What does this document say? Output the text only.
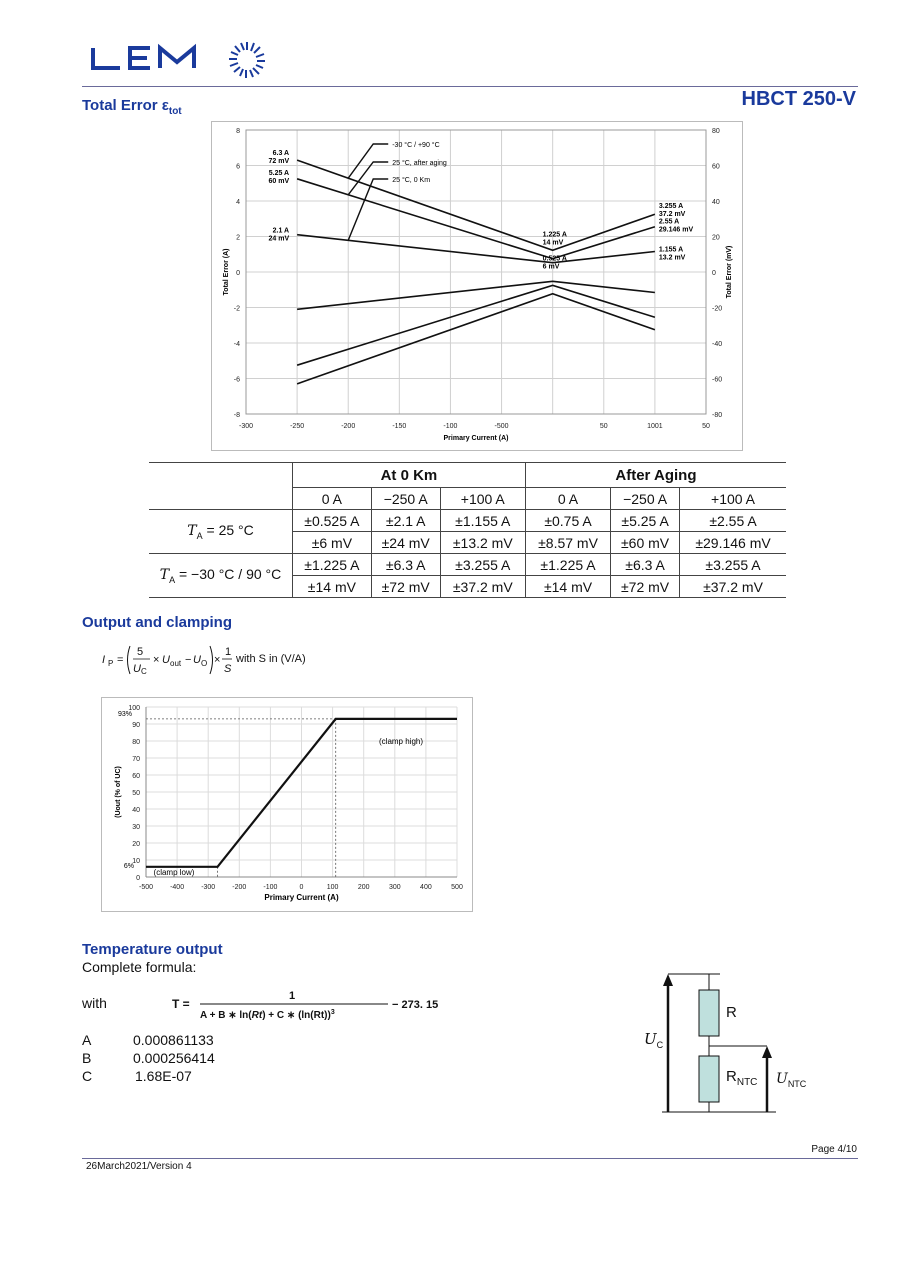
HBCT 250-V
Total Error $\varepsilon_{tot}$
-300	-250	-200	-150	-100	-500	50	1001	50
8	80
6	60
4	40
2	20
0	0
-2	-20
-4	-40
-6	-60
-8	-80
Primary Current (A)
Total Error (A)	Total Error (mV)
-30 °C / +90 °C
25 °C, after aging
25 °C, 0 Km
6.3 A
72 mV
5.25 A
60 mV
2.1 A
24 mV
1.225 A
14 mV
0.525 A
6 mV
3.255 A
37.2 mV
2.55 A
29.146 mV
1.155 A
13.2 mV
	At 0 Km			After Aging		
	0 A	−250 A	+100 A	0 A	−250 A	+100 A
$T_A = 25$ °C	±0.525 A	±2.1 A	±1.155 A	±0.75 A	±5.25 A	±2.55 A
	±6 mV	±24 mV	±13.2 mV	±8.57 mV	±60 mV	±29.146 mV
$T_A = -30$ °C / 90 °C	±1.225 A	±6.3 A	±3.255 A	±1.225 A	±6.3 A	±3.255 A
	±14 mV	±72 mV	±37.2 mV	±14 mV	±72 mV	±37.2 mV
Output and clamping
I P =
5
U C
× U out − U O ×
1
S
with S in (V/A)
-500 -400 -300 -200 -100	0	100	200	300	400	500
0
10
20
30
40
50
60
70
80
90
100
93%
6%
(clamp high)
(clamp low)
Primary Current (A)
(Uout (% of UC)
Temperature output
Complete formula:
with	T =
1
A + B ∗ ln(Rt) + C ∗ $(\ln(Rt))^3$
− 273. 15
A	0.000861133
B	0.000256414
C	1.68E-07
R
$R_{NTC}$
$U_C$
$U_{NTC}$
Page 4/10
26March2021/Version 4
